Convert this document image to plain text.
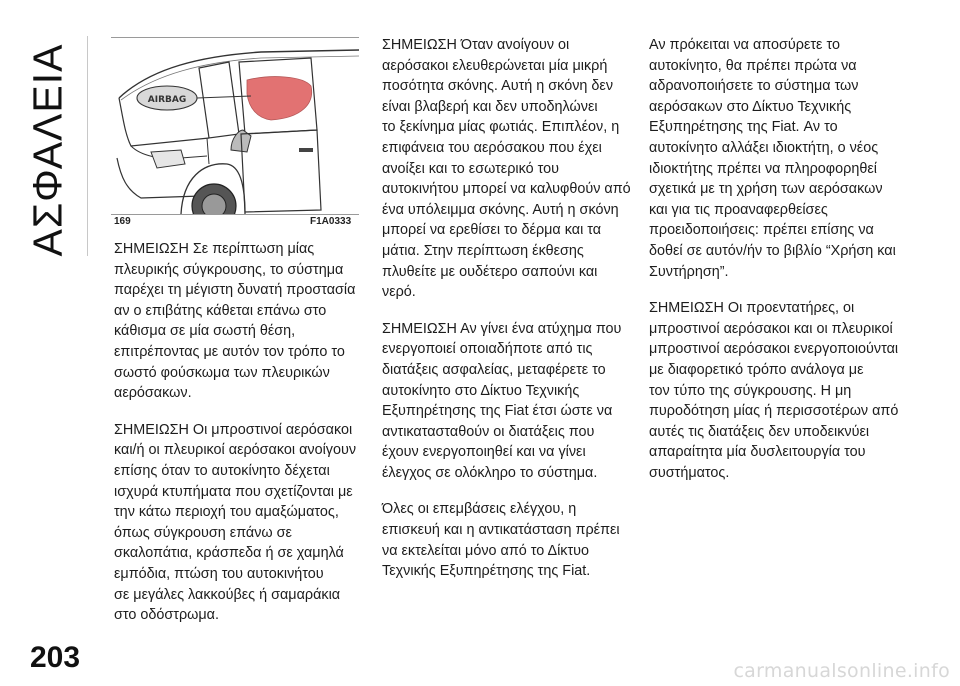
ΑΣΦΑΛΕΙΑ	AIRBAG
169	F1A0333

ΣΗΜΕΙΩΣΗ Σε περίπτωση μίας
πλευρικής σύγκρουσης, το σύστημα
παρέχει τη μέγιστη δυνατή προστασία
αν ο επιβάτης κάθεται επάνω στο
κάθισμα σε μία σωστή θέση,
επιτρέποντας με αυτόν τον τρόπο το
σωστό φούσκωμα των πλευρικών
αερόσακων.

ΣΗΜΕΙΩΣΗ Οι μπροστινοί αερόσακοι
και/ή οι πλευρικοί αερόσακοι ανοίγουν
επίσης όταν το αυτοκίνητο δέχεται
ισχυρά κτυπήματα που σχετίζονται με
την κάτω περιοχή του αμαξώματος,
όπως σύγκρουση επάνω σε
σκαλοπάτια, κράσπεδα ή σε χαμηλά
εμπόδια, πτώση του αυτοκινήτου
σε μεγάλες λακκούβες ή σαμαράκια
στο οδόστρωμα.

ΣΗΜΕΙΩΣΗ Όταν ανοίγουν οι
αερόσακοι ελευθερώνεται μία μικρή
ποσότητα σκόνης. Αυτή η σκόνη δεν
είναι βλαβερή και δεν υποδηλώνει
το ξεκίνημα μίας φωτιάς. Επιπλέον, η
επιφάνεια του αερόσακου που έχει
ανοίξει και το εσωτερικό του
αυτοκινήτου μπορεί να καλυφθούν από
ένα υπόλειμμα σκόνης. Αυτή η σκόνη
μπορεί να ερεθίσει το δέρμα και τα
μάτια. Στην περίπτωση έκθεσης
πλυθείτε με ουδέτερο σαπούνι και
νερό.

ΣΗΜΕΙΩΣΗ Αν γίνει ένα ατύχημα που
ενεργοποιεί οποιαδήποτε από τις
διατάξεις ασφαλείας, μεταφέρετε το
αυτοκίνητο στο Δίκτυο Τεχνικής
Εξυπηρέτησης της Fiat έτσι ώστε να
αντικατασταθούν οι διατάξεις που
έχουν ενεργοποιηθεί και να γίνει
έλεγχος σε ολόκληρο το σύστημα.

Όλες οι επεμβάσεις ελέγχου, η
επισκευή και η αντικατάσταση πρέπει
να εκτελείται μόνο από το Δίκτυο
Τεχνικής Εξυπηρέτησης της Fiat.

Αν πρόκειται να αποσύρετε το
αυτοκίνητο, θα πρέπει πρώτα να
αδρανοποιήσετε το σύστημα των
αερόσακων στο Δίκτυο Τεχνικής
Εξυπηρέτησης της Fiat. Αν το
αυτοκίνητο αλλάξει ιδιοκτήτη, ο νέος
ιδιοκτήτης πρέπει να πληροφορηθεί
σχετικά με τη χρήση των αερόσακων
και για τις προαναφερθείσες
προειδοποιήσεις: πρέπει επίσης να
δοθεί σε αυτόν/ήν το βιβλίο “Χρήση και
Συντήρηση”.

ΣΗΜΕΙΩΣΗ Οι προεντατήρες, οι
μπροστινοί αερόσακοι και οι πλευρικοί
μπροστινοί αερόσακοι ενεργοποιούνται
με διαφορετικό τρόπο ανάλογα με
τον τύπο της σύγκρουσης. Η μη
πυροδότηση μίας ή περισσοτέρων από
αυτές τις διατάξεις δεν υποδεικνύει
απαραίτητα μία δυσλειτουργία του
συστήματος.

203	carmanualsonline.info
